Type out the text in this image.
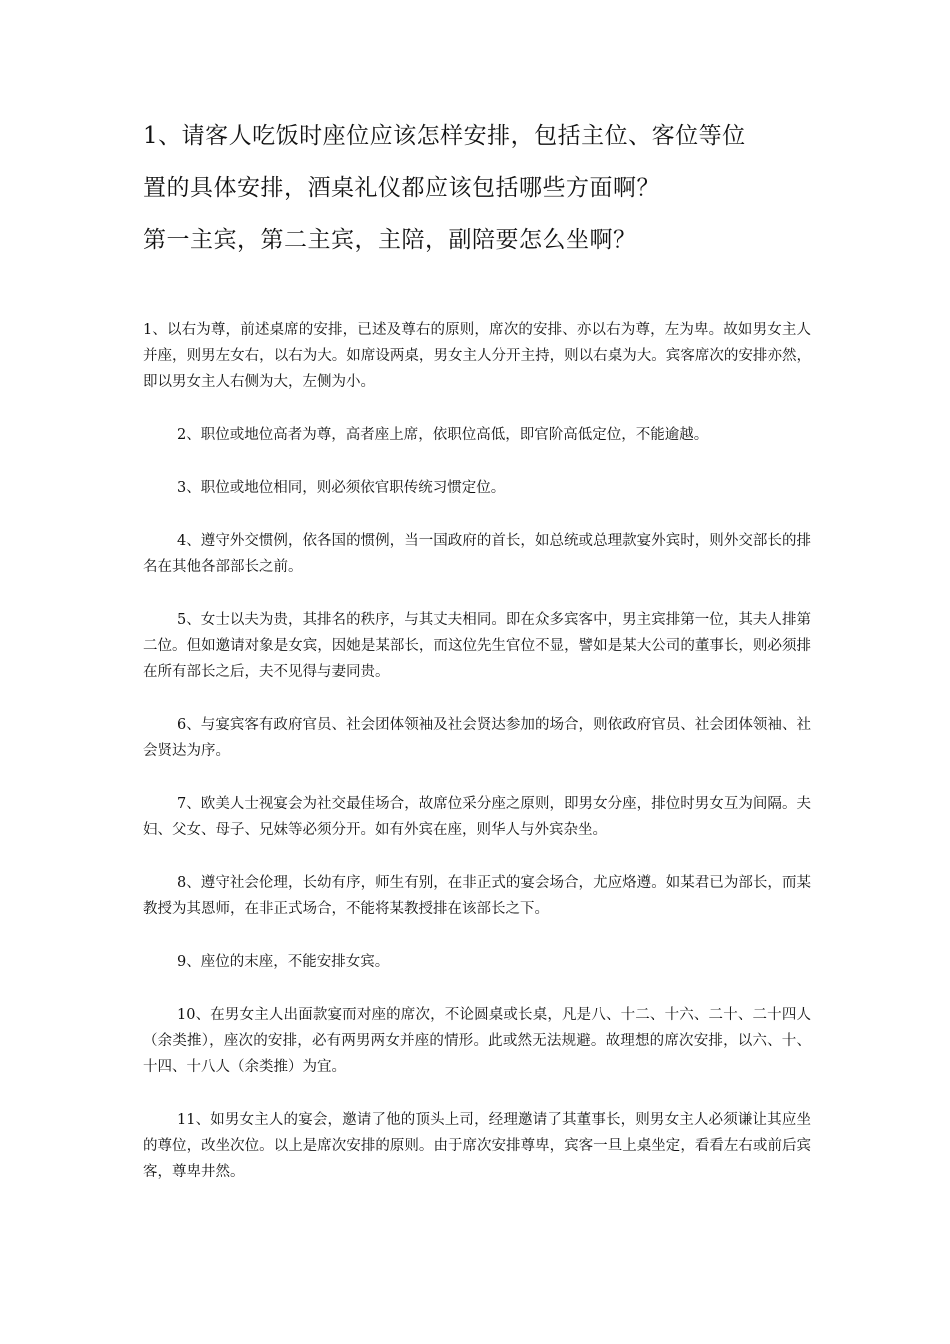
1、请客人吃饭时座位应该怎样安排，包括主位、客位等位
置的具体安排，酒桌礼仪都应该包括哪些方面啊？
第一主宾，第二主宾，主陪，副陪要怎么坐啊？

1、以右为尊，前述桌席的安排，已述及尊右的原则，席次的安排、亦以右为尊，左为卑。故如男女主人并座，则男左女右，以右为大。如席设两桌，男女主人分开主持，则以右桌为大。宾客席次的安排亦然，即以男女主人右侧为大，左侧为小。

2、职位或地位高者为尊，高者座上席，依职位高低，即官阶高低定位，不能逾越。

3、职位或地位相同，则必须依官职传统习惯定位。

4、遵守外交惯例，依各国的惯例，当一国政府的首长，如总统或总理款宴外宾时，则外交部长的排名在其他各部部长之前。

5、女士以夫为贵，其排名的秩序，与其丈夫相同。即在众多宾客中，男主宾排第一位，其夫人排第二位。但如邀请对象是女宾，因她是某部长，而这位先生官位不显，譬如是某大公司的董事长，则必须排在所有部长之后，夫不见得与妻同贵。

6、与宴宾客有政府官员、社会团体领袖及社会贤达参加的场合，则依政府官员、社会团体领袖、社会贤达为序。

7、欧美人士视宴会为社交最佳场合，故席位采分座之原则，即男女分座，排位时男女互为间隔。夫妇、父女、母子、兄妹等必须分开。如有外宾在座，则华人与外宾杂坐。

8、遵守社会伦理，长幼有序，师生有别，在非正式的宴会场合，尤应烙遵。如某君已为部长，而某教授为其恩师，在非正式场合，不能将某教授排在该部长之下。

9、座位的末座，不能安排女宾。

10、在男女主人出面款宴而对座的席次，不论圆桌或长桌，凡是八、十二、十六、二十、二十四人（余类推），座次的安排，必有两男两女并座的情形。此或然无法规避。故理想的席次安排，以六、十、十四、十八人（余类推）为宜。

11、如男女主人的宴会，邀请了他的顶头上司，经理邀请了其董事长，则男女主人必须谦让其应坐的尊位，改坐次位。以上是席次安排的原则。由于席次安排尊卑，宾客一旦上桌坐定，看看左右或前后宾客，尊卑井然。
